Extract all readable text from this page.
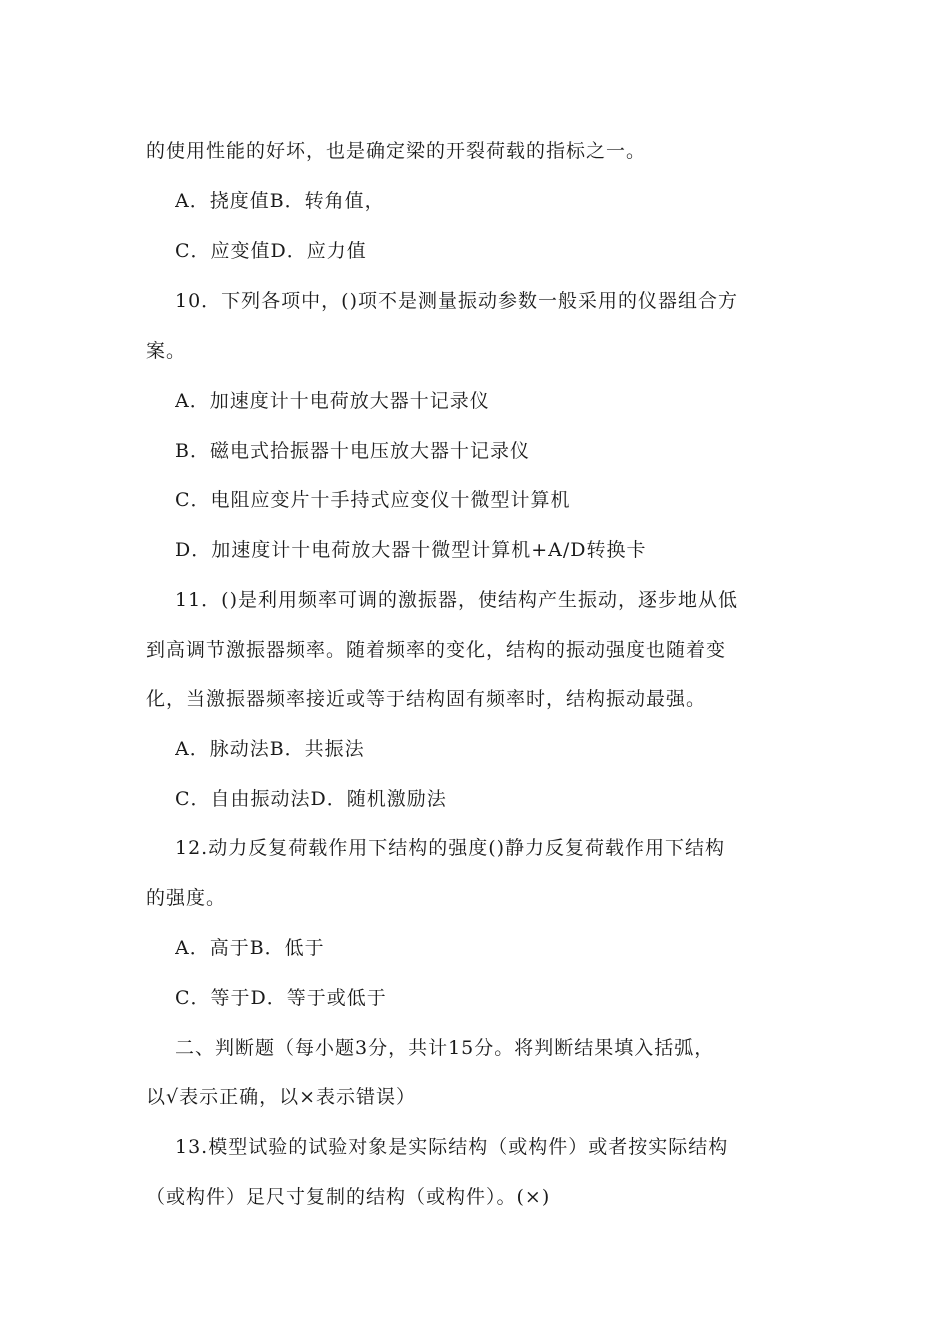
的使用性能的好坏，也是确定梁的开裂荷载的指标之一。
A．挠度值B．转角值，
C．应变值D．应力值
10．下列各项中，()项不是测量振动参数一般采用的仪器组合方
案。
A．加速度计十电荷放大器十记录仪
B．磁电式拾振器十电压放大器十记录仪
C．电阻应变片十手持式应变仪十微型计算机
D．加速度计十电荷放大器十微型计算机+A/D转换卡
11．()是利用频率可调的激振器，使结构产生振动，逐步地从低
到高调节激振器频率。随着频率的变化，结构的振动强度也随着变
化，当激振器频率接近或等于结构固有频率时，结构振动最强。
A．脉动法B．共振法
C．自由振动法D．随机激励法
12.动力反复荷载作用下结构的强度()静力反复荷载作用下结构
的强度。
A．高于B．低于
C．等于D．等于或低于
二、判断题（每小题3分，共计15分。将判断结果填入括弧，
以√表示正确，以×表示错误）
13.模型试验的试验对象是实际结构（或构件）或者按实际结构
（或构件）足尺寸复制的结构（或构件）。(×)
